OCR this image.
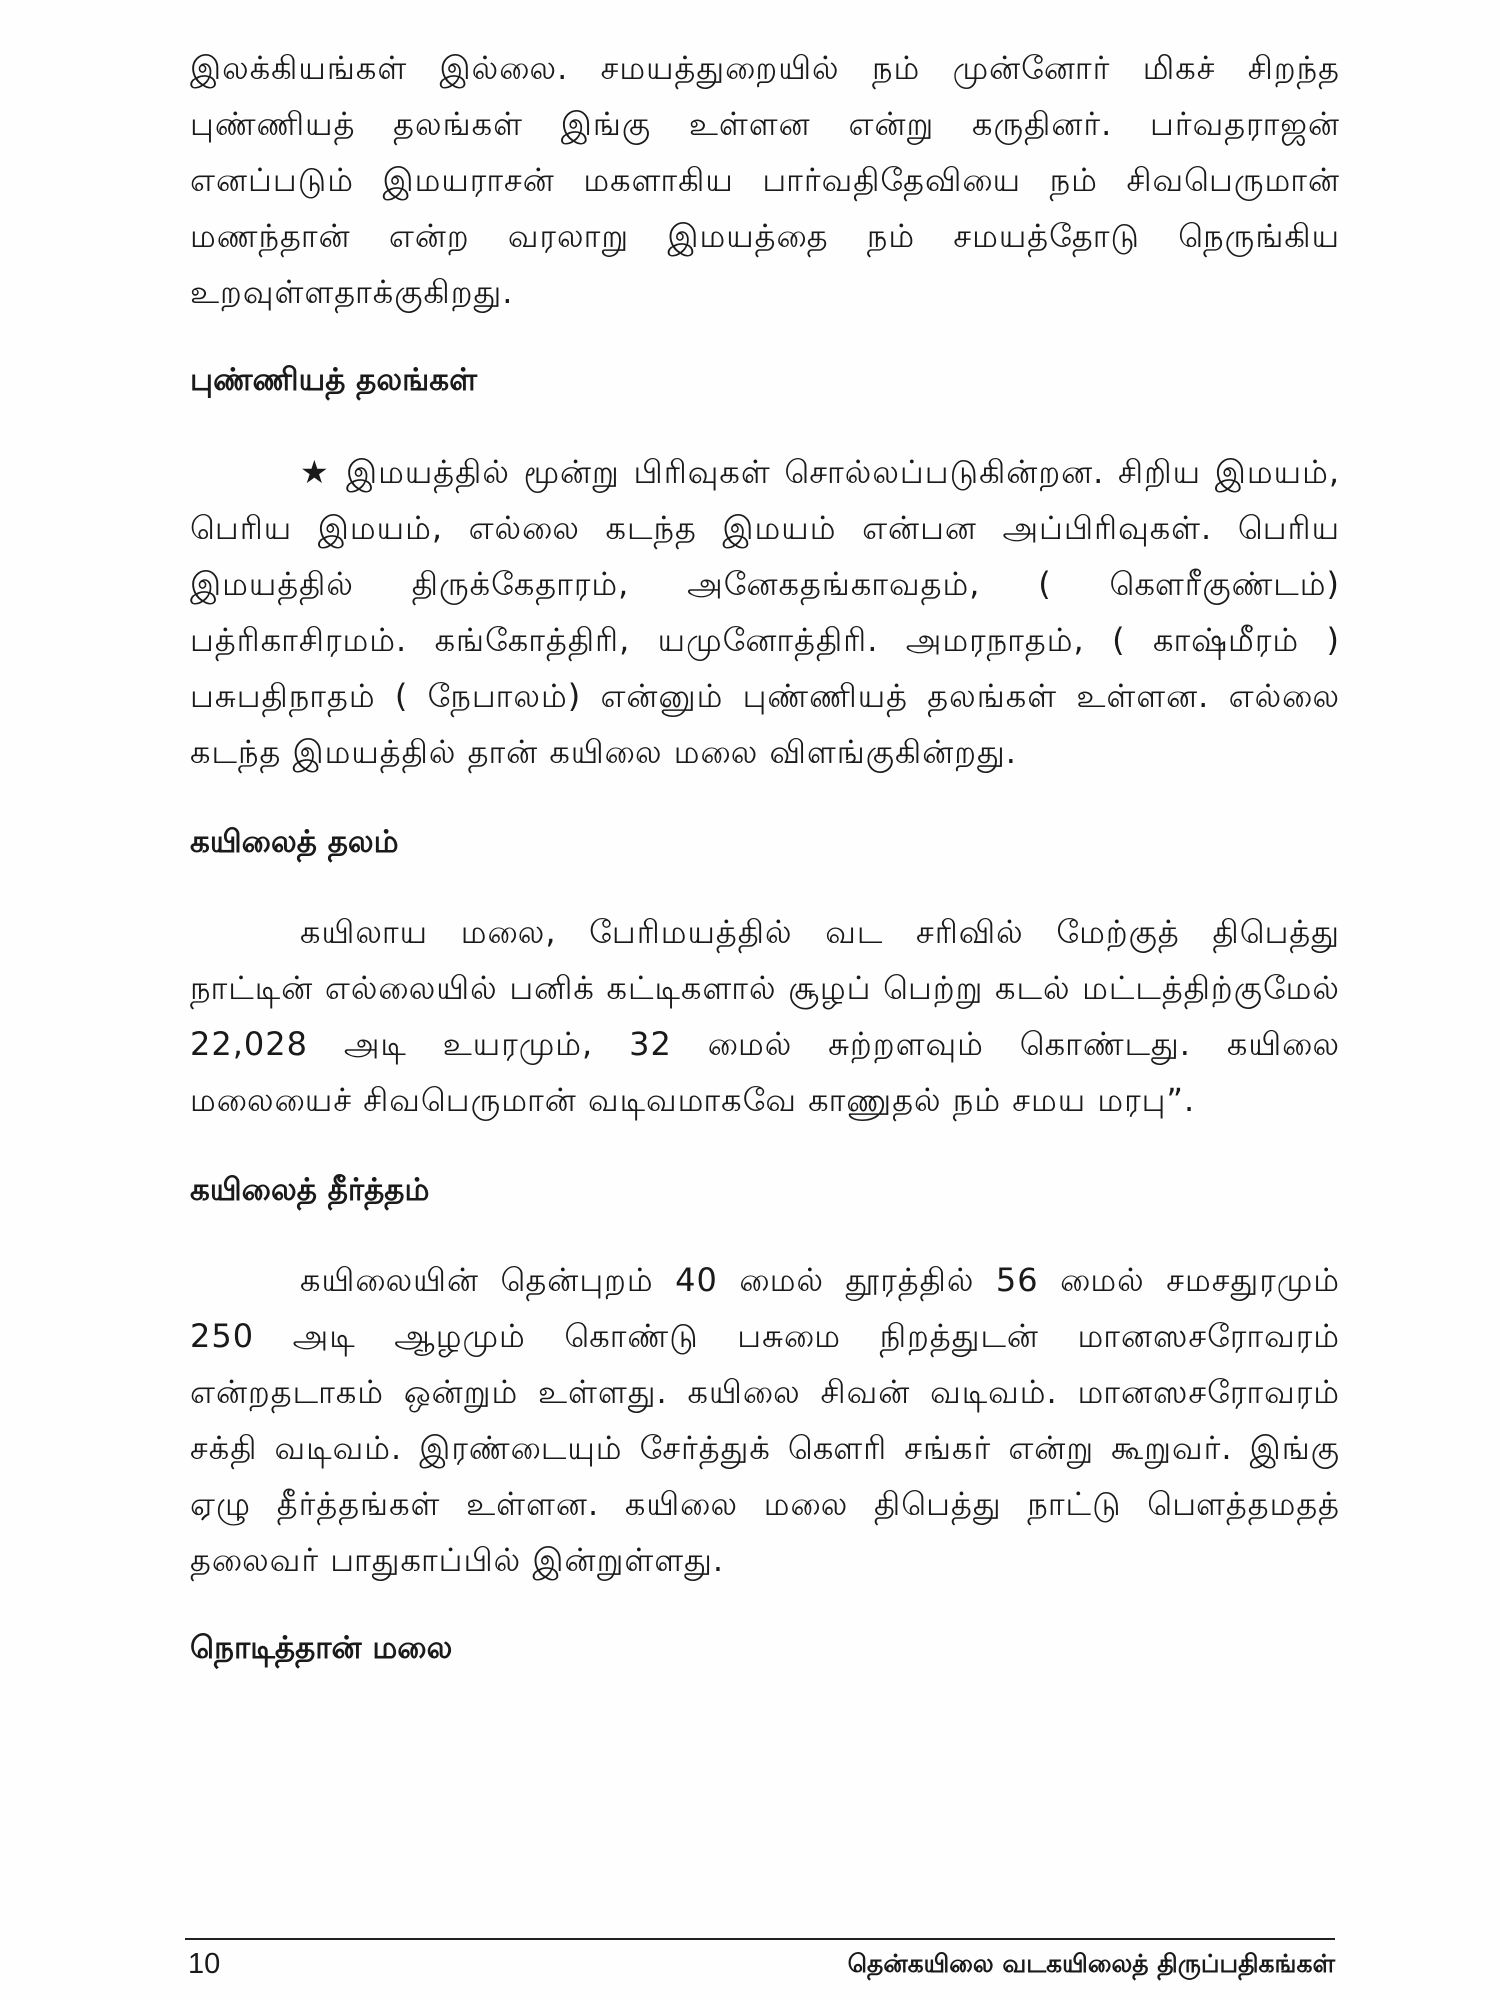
இலக்கியங்கள் இல்லை. சமயத்துறையில் நம் முன்னோர் மிகச் சிறந்த புண்ணியத் தலங்கள் இங்கு உள்ளன என்று கருதினர். பர்வதராஜன் எனப்படும் இமயராசன் மகளாகிய பார்வதிதேவியை நம் சிவபெருமான் மணந்தான் என்ற வரலாறு இமயத்தை நம் சமயத்தோடு நெருங்கிய உறவுள்ளதாக்குகிறது.

புண்ணியத் தலங்கள்

★ இமயத்தில் மூன்று பிரிவுகள் சொல்லப்படுகின்றன. சிறிய இமயம், பெரிய இமயம், எல்லை கடந்த இமயம் என்பன அப்பிரிவுகள். பெரிய இமயத்தில் திருக்கேதாரம், அனேகதங்காவதம், ( கௌரீகுண்டம்) பத்ரிகாசிரமம். கங்கோத்திரி, யமுனோத்திரி. அமரநாதம், ( காஷ்மீரம் ) பசுபதிநாதம் ( நேபாலம்) என்னும் புண்ணியத் தலங்கள் உள்ளன. எல்லை கடந்த இமயத்தில் தான் கயிலை மலை விளங்குகின்றது.

கயிலைத் தலம்

கயிலாய மலை, பேரிமயத்தில் வட சரிவில் மேற்குத் திபெத்து நாட்டின் எல்லையில் பனிக் கட்டிகளால் சூழப் பெற்று கடல் மட்டத்திற்குமேல் 22,028 அடி உயரமும், 32 மைல் சுற்றளவும் கொண்டது. கயிலை மலையைச் சிவபெருமான் வடிவமாகவே காணுதல் நம் சமய மரபு”.

கயிலைத் தீர்த்தம்

கயிலையின் தென்புறம் 40 மைல் தூரத்தில் 56 மைல் சமசதுரமும் 250 அடி ஆழமும் கொண்டு பசுமை நிறத்துடன் மானஸசரோவரம் என்றதடாகம் ஒன்றும் உள்ளது. கயிலை சிவன் வடிவம். மானஸசரோவரம் சக்தி வடிவம். இரண்டையும் சேர்த்துக் கௌரி சங்கர் என்று கூறுவர். இங்கு ஏழு தீர்த்தங்கள் உள்ளன. கயிலை மலை திபெத்து நாட்டு பௌத்தமதத் தலைவர் பாதுகாப்பில் இன்றுள்ளது.

நொடித்தான் மலை
10	தென்கயிலை வடகயிலைத் திருப்பதிகங்கள்
